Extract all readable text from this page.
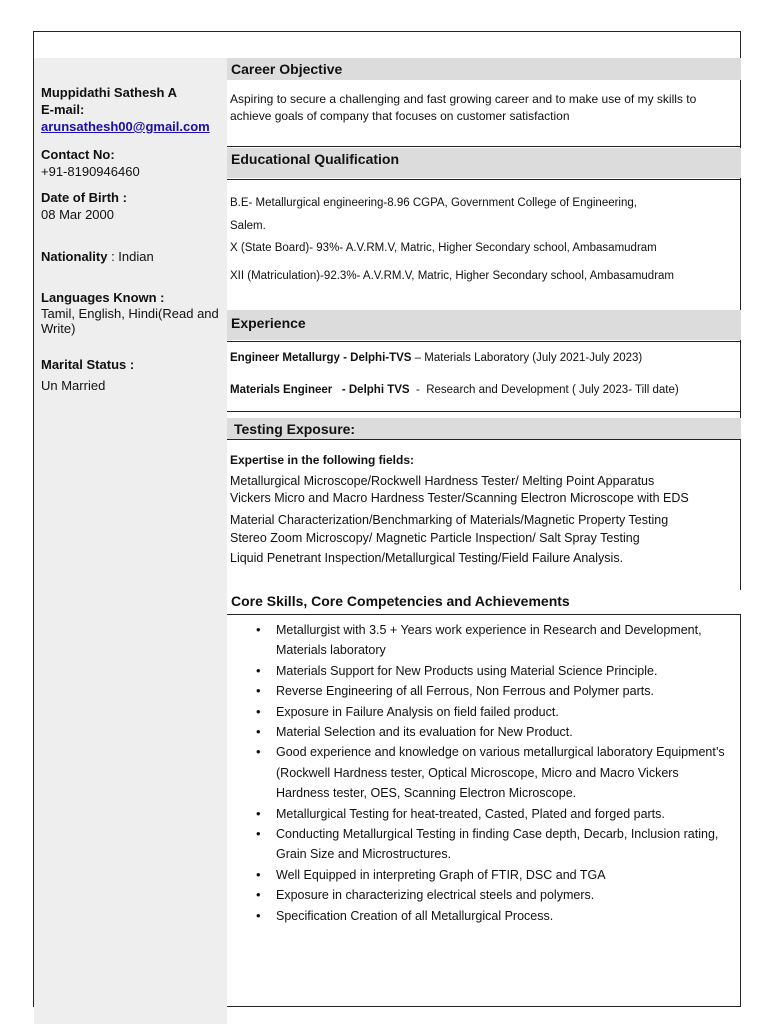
Muppidathi Sathesh A
E-mail:
arunsathesh00@gmail.com
Contact No:
+91-8190946460
Date of Birth :
08 Mar 2000
Nationality : Indian
Languages Known :
Tamil, English, Hindi(Read and Write)
Marital Status :
Un Married
Career Objective
Aspiring to secure a challenging and fast growing career and to make use of my skills to achieve goals of company that focuses on customer satisfaction
Educational Qualification
B.E- Metallurgical engineering-8.96 CGPA, Government College of Engineering,
Salem.
X (State Board)- 93%- A.V.RM.V, Matric, Higher Secondary school, Ambasamudram
XII (Matriculation)-92.3%- A.V.RM.V, Matric, Higher Secondary school, Ambasamudram
Experience
Engineer Metallurgy - Delphi-TVS – Materials Laboratory (July 2021-July 2023)
Materials Engineer   - Delphi TVS  -  Research and Development ( July 2023- Till date)
Testing Exposure:
Expertise in the following fields:
Metallurgical Microscope/Rockwell Hardness Tester/ Melting Point Apparatus
Vickers Micro and Macro Hardness Tester/Scanning Electron Microscope with EDS
Material Characterization/Benchmarking of Materials/Magnetic Property Testing
Stereo Zoom Microscopy/ Magnetic Particle Inspection/ Salt Spray Testing
Liquid Penetrant Inspection/Metallurgical Testing/Field Failure Analysis.
Core Skills, Core Competencies and Achievements
• Metallurgist with 3.5 + Years work experience in Research and Development, Materials laboratory
• Materials Support for New Products using Material Science Principle.
• Reverse Engineering of all Ferrous, Non Ferrous and Polymer parts.
• Exposure in Failure Analysis on field failed product.
• Material Selection and its evaluation for New Product.
• Good experience and knowledge on various metallurgical laboratory Equipment’s (Rockwell Hardness tester, Optical Microscope, Micro and Macro Vickers Hardness tester, OES, Scanning Electron Microscope.
• Metallurgical Testing for heat-treated, Casted, Plated and forged parts.
• Conducting Metallurgical Testing in finding Case depth, Decarb, Inclusion rating, Grain Size and Microstructures.
• Well Equipped in interpreting Graph of FTIR, DSC and TGA
• Exposure in characterizing electrical steels and polymers.
• Specification Creation of all Metallurgical Process.
